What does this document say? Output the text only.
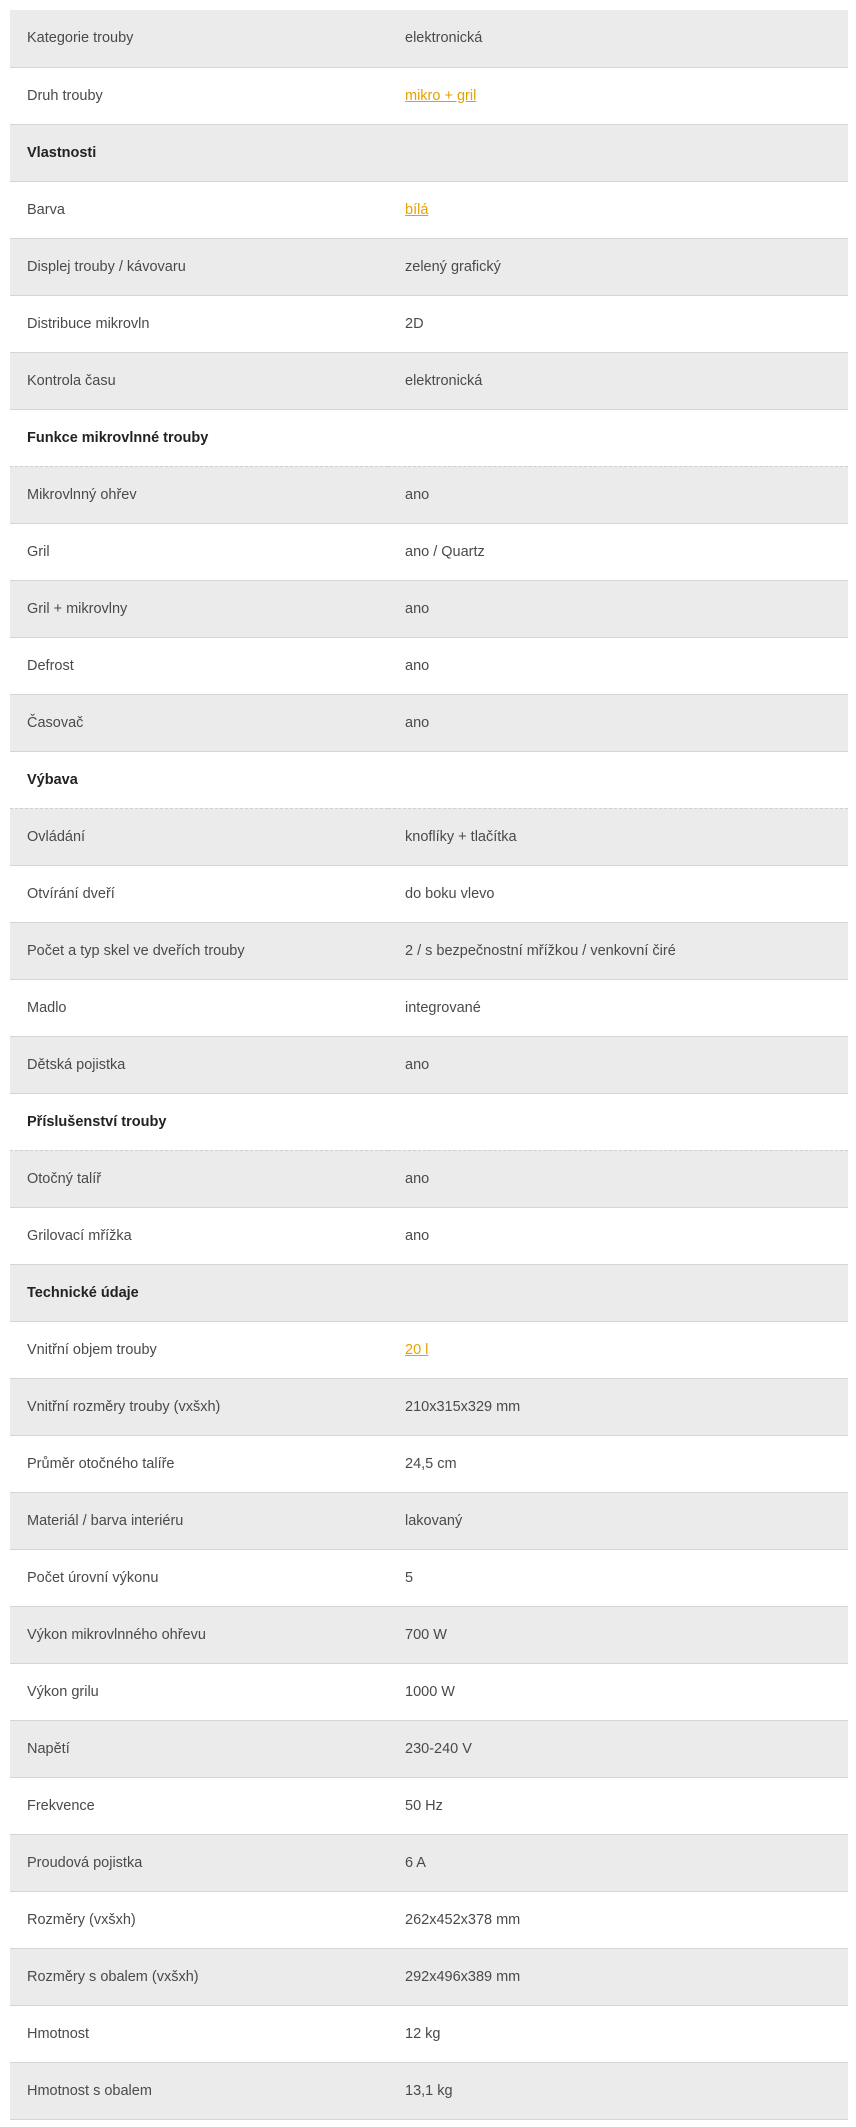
Kategorie trouby	elektronická
Druh trouby	mikro + gril
Vlastnosti	
Barva	bílá
Displej trouby / kávovaru	zelený grafický
Distribuce mikrovln	2D
Kontrola času	elektronická
Funkce mikrovlnné trouby	
Mikrovlnný ohřev	ano
Gril	ano / Quartz
Gril + mikrovlny	ano
Defrost	ano
Časovač	ano
Výbava	
Ovládání	knoflíky + tlačítka
Otvírání dveří	do boku vlevo
Počet a typ skel ve dveřích trouby	2 / s bezpečnostní mřížkou / venkovní čiré
Madlo	integrované
Dětská pojistka	ano
Příslušenství trouby	
Otočný talíř	ano
Grilovací mřížka	ano
Technické údaje	
Vnitřní objem trouby	20 l
Vnitřní rozměry trouby (vxšxh)	210x315x329 mm
Průměr otočného talíře	24,5 cm
Materiál / barva interiéru	lakovaný
Počet úrovní výkonu	5
Výkon mikrovlnného ohřevu	700 W
Výkon grilu	1000 W
Napětí	230-240 V
Frekvence	50 Hz
Proudová pojistka	6 A
Rozměry (vxšxh)	262x452x378 mm
Rozměry s obalem (vxšxh)	292x496x389 mm
Hmotnost	12 kg
Hmotnost s obalem	13,1 kg
